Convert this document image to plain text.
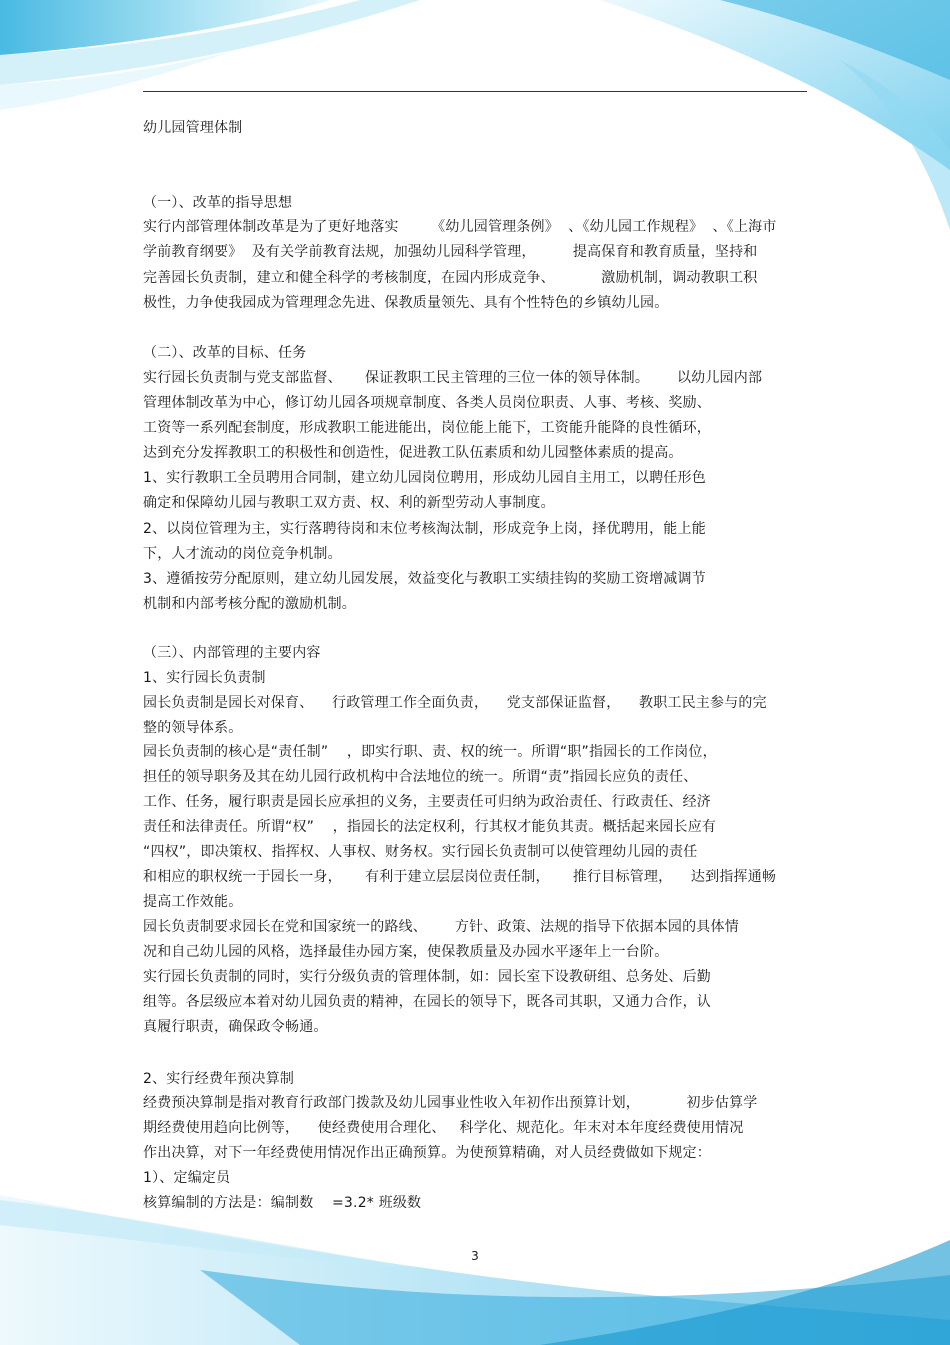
幼儿园管理体制
（一）、改革的指导思想
实行内部管理体制改革是为了更好地落实       《幼儿园管理条例》  、《幼儿园工作规程》  、《上海市
学前教育纲要》  及有关学前教育法规，加强幼儿园科学管理，        提高保育和教育质量，坚持和
完善园长负责制，建立和健全科学的考核制度，在园内形成竞争、          激励机制，调动教职工积
极性，力争使我园成为管理理念先进、保教质量领先、具有个性特色的乡镇幼儿园。
（二）、改革的目标、任务
实行园长负责制与党支部监督、     保证教职工民主管理的三位一体的领导体制。      以幼儿园内部
管理体制改革为中心，修订幼儿园各项规章制度、各类人员岗位职责、人事、考核、奖励、
工资等一系列配套制度，形成教职工能进能出，岗位能上能下，工资能升能降的良性循环，
达到充分发挥教职工的积极性和创造性，促进教工队伍素质和幼儿园整体素质的提高。
1、实行教职工全员聘用合同制，建立幼儿园岗位聘用，形成幼儿园自主用工，以聘任形色
确定和保障幼儿园与教职工双方责、权、利的新型劳动人事制度。
2、以岗位管理为主，实行落聘待岗和末位考核淘汰制，形成竞争上岗，择优聘用，能上能
下，人才流动的岗位竞争机制。
3、遵循按劳分配原则，建立幼儿园发展，效益变化与教职工实绩挂钩的奖励工资增减调节
机制和内部考核分配的激励机制。
（三）、内部管理的主要内容
1、实行园长负责制
园长负责制是园长对保育、    行政管理工作全面负责，    党支部保证监督，    教职工民主参与的完
整的领导体系。
园长负责制的核心是“责任制”    ，即实行职、责、权的统一。所谓“职”指园长的工作岗位，
担任的领导职务及其在幼儿园行政机构中合法地位的统一。所谓“责”指园长应负的责任、
工作、任务，履行职责是园长应承担的义务，主要责任可归纳为政治责任、行政责任、经济
责任和法律责任。所谓“权”    ，指园长的法定权利，行其权才能负其责。概括起来园长应有
“四权”，即决策权、指挥权、人事权、财务权。实行园长负责制可以使管理幼儿园的责任
和相应的职权统一于园长一身，     有利于建立层层岗位责任制，     推行目标管理，    达到指挥通畅
提高工作效能。
园长负责制要求园长在党和国家统一的路线、      方针、政策、法规的指导下依据本园的具体情
况和自己幼儿园的风格，选择最佳办园方案，使保教质量及办园水平逐年上一台阶。
实行园长负责制的同时，实行分级负责的管理体制，如：园长室下设教研组、总务处、后勤
组等。各层级应本着对幼儿园负责的精神，在园长的领导下，既各司其职，又通力合作，认
真履行职责，确保政令畅通。
2、实行经费年预决算制
经费预决算制是指对教育行政部门拨款及幼儿园事业性收入年初作出预算计划，          初步估算学
期经费使用趋向比例等，    使经费使用合理化、   科学化、规范化。年末对本年度经费使用情况
作出决算，对下一年经费使用情况作出正确预算。为使预算精确，对人员经费做如下规定：
1）、定编定员
核算编制的方法是：编制数    =3.2* 班级数
3
